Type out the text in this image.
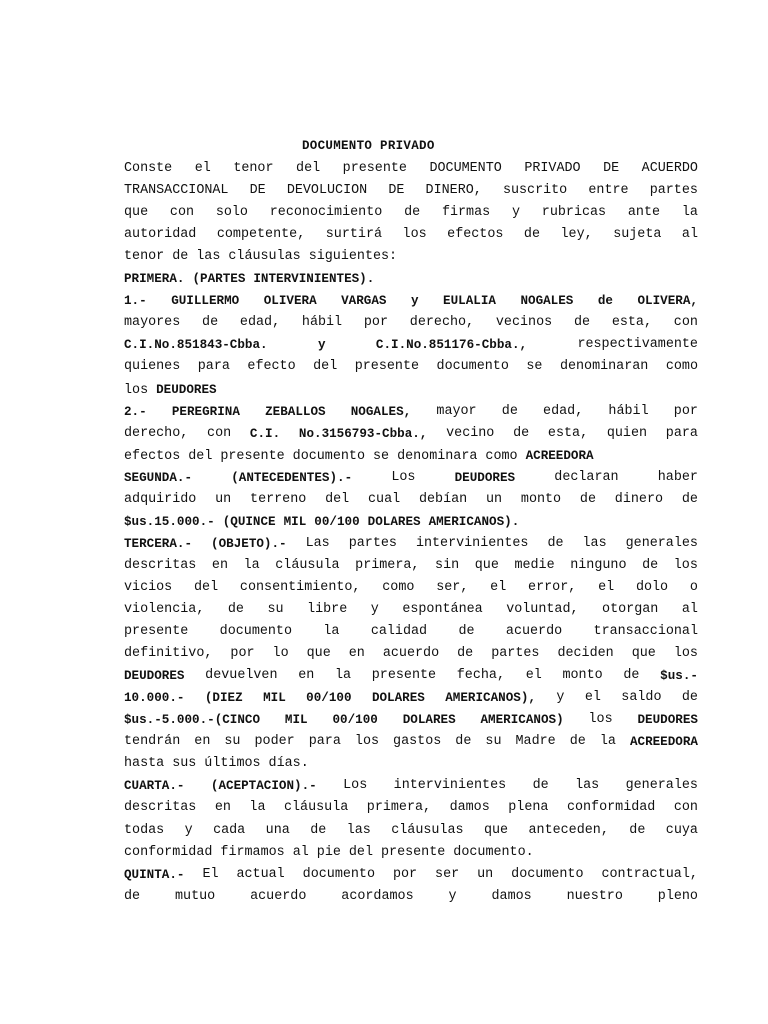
DOCUMENTO PRIVADO
Conste el tenor del presente DOCUMENTO PRIVADO DE ACUERDO
TRANSACCIONAL DE DEVOLUCION DE DINERO, suscrito entre partes
que con solo reconocimiento de firmas y rubricas ante la
autoridad competente, surtirá los efectos de ley, sujeta al
tenor de las cláusulas siguientes:
PRIMERA. (PARTES INTERVINIENTES).
1.- GUILLERMO OLIVERA VARGAS y EULALIA NOGALES de OLIVERA,
mayores de edad, hábil por derecho, vecinos de esta, con
C.I.No.851843-Cbba.	y	C.I.No.851176-Cbba.,	respectivamente
quienes para efecto del presente documento se denominaran como
los DEUDORES
2.- PEREGRINA ZEBALLOS NOGALES, mayor de edad, hábil por
derecho, con C.I. No.3156793-Cbba., vecino de esta, quien para
efectos del presente documento se denominara como ACREEDORA
SEGUNDA.-	(ANTECEDENTES).-	Los	DEUDORES	declaran	haber
adquirido un terreno del cual debían un monto de dinero de
$us.15.000.- (QUINCE MIL 00/100 DOLARES AMERICANOS).
TERCERA.- (OBJETO).- Las partes intervinientes de las generales
descritas en la cláusula primera, sin que medie ninguno de los
vicios del consentimiento, como ser, el error, el dolo o
violencia, de su libre y espontánea voluntad, otorgan al
presente documento la calidad de acuerdo transaccional
definitivo, por lo que en acuerdo de partes deciden que los
DEUDORES devuelven en la presente fecha, el monto de $us.-
10.000.- (DIEZ MIL 00/100 DOLARES AMERICANOS), y el saldo de
$us.-5.000.-(CINCO MIL 00/100 DOLARES AMERICANOS) los DEUDORES
tendrán en su poder para los gastos de su Madre de la ACREEDORA
hasta sus últimos días.
CUARTA.- (ACEPTACION).- Los intervinientes de las generales
descritas en la cláusula primera, damos plena conformidad con
todas y cada una de las cláusulas que anteceden, de cuya
conformidad firmamos al pie del presente documento.
QUINTA.- El actual documento por ser un documento contractual,
de	mutuo	acuerdo	acordamos	y	damos	nuestro	pleno
